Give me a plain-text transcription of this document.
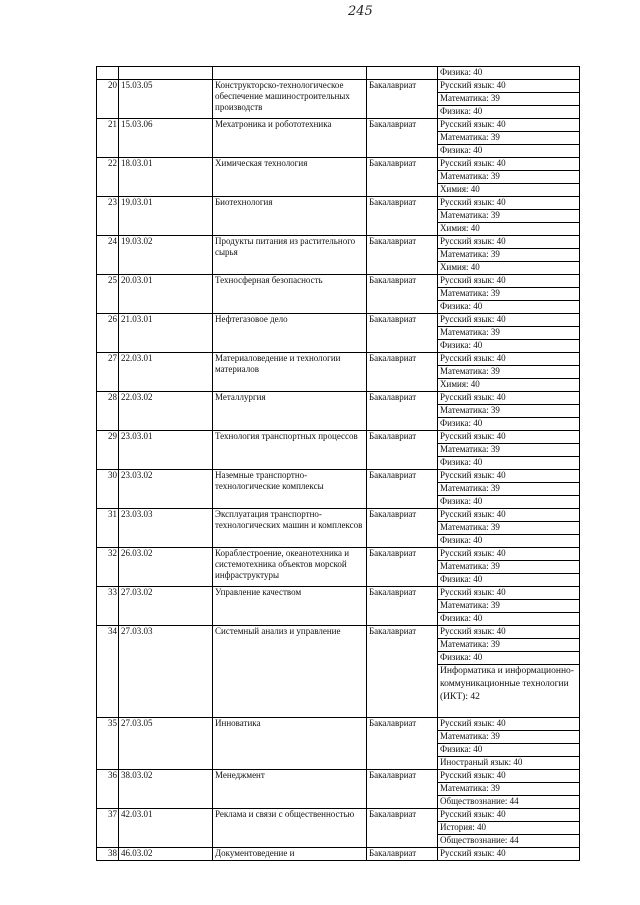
245
				Физика: 40
20	15.03.05	Конструкторско-технологическое обеспечение машиностроительных производств	Бакалавриат	Русский язык: 40
				Математика: 39
				Физика: 40
21	15.03.06	Мехатроника и робототехника	Бакалавриат	Русский язык: 40
				Математика: 39
				Физика: 40
22	18.03.01	Химическая технология	Бакалавриат	Русский язык: 40
				Математика: 39
				Химия: 40
23	19.03.01	Биотехнология	Бакалавриат	Русский язык: 40
				Математика: 39
				Химия: 40
24	19.03.02	Продукты питания из растительного сырья	Бакалавриат	Русский язык: 40
				Математика: 39
				Химия: 40
25	20.03.01	Техносферная безопасность	Бакалавриат	Русский язык: 40
				Математика: 39
				Физика: 40
26	21.03.01	Нефтегазовое дело	Бакалавриат	Русский язык: 40
				Математика: 39
				Физика: 40
27	22.03.01	Материаловедение и технологии материалов	Бакалавриат	Русский язык: 40
				Математика: 39
				Химия: 40
28	22.03.02	Металлургия	Бакалавриат	Русский язык: 40
				Математика: 39
				Физика: 40
29	23.03.01	Технология транспортных процессов	Бакалавриат	Русский язык: 40
				Математика: 39
				Физика: 40
30	23.03.02	Наземные транспортно-технологические комплексы	Бакалавриат	Русский язык: 40
				Математика: 39
				Физика: 40
31	23.03.03	Эксплуатация транспортно-технологических машин и комплексов	Бакалавриат	Русский язык: 40
				Математика: 39
				Физика: 40
32	26.03.02	Кораблестроение, океанотехника и системотехника объектов морской инфраструктуры	Бакалавриат	Русский язык: 40
				Математика: 39
				Физика: 40
33	27.03.02	Управление качеством	Бакалавриат	Русский язык: 40
				Математика: 39
				Физика: 40
34	27.03.03	Системный анализ и управление	Бакалавриат	Русский язык: 40
				Математика: 39
				Физика: 40
				Информатика и информационно-коммуникационные технологии (ИКТ): 42
35	27.03.05	Инноватика	Бакалавриат	Русский язык: 40
				Математика: 39
				Физика: 40
				Иностраный язык: 40
36	38.03.02	Менеджмент	Бакалавриат	Русский язык: 40
				Математика: 39
				Обществознание: 44
37	42.03.01	Реклама и связи с общественностью	Бакалавриат	Русский язык: 40
				История: 40
				Обществознание: 44
38	46.03.02	Документоведение и	Бакалавриат	Русский язык: 40
